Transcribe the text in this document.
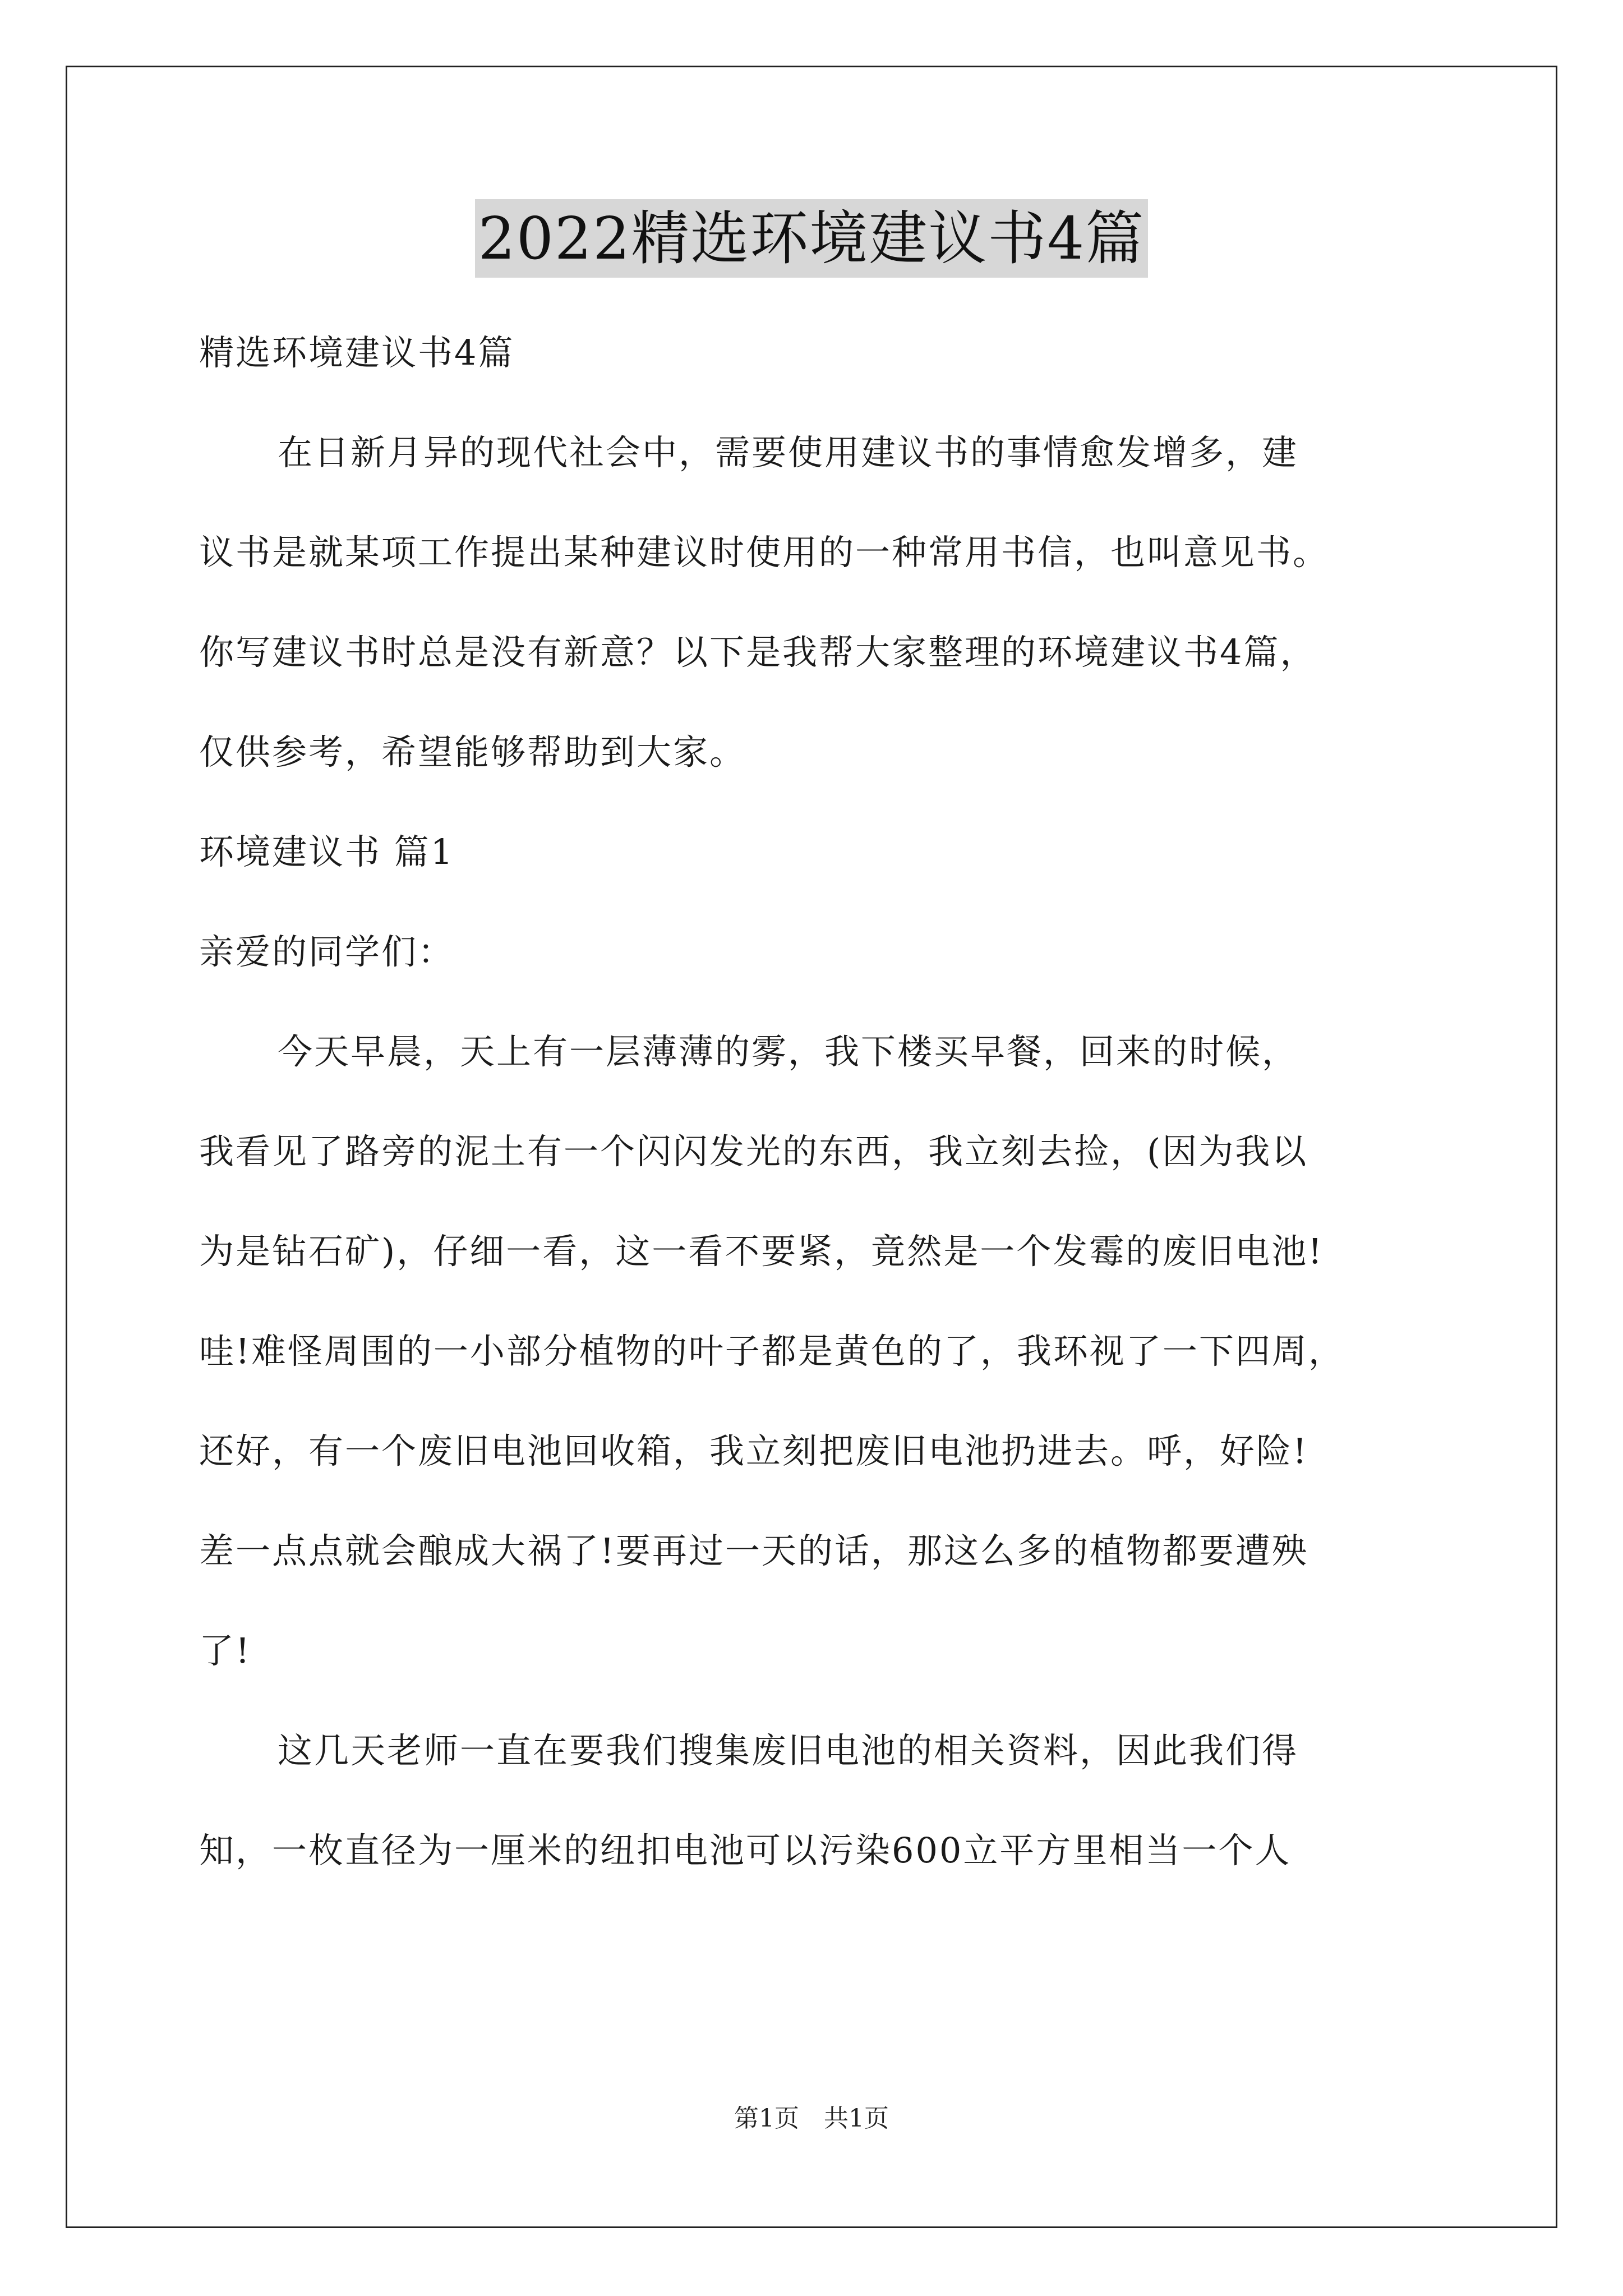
2022精选环境建议书4篇
精选环境建议书4篇
在日新月异的现代社会中，需要使用建议书的事情愈发增多，建
议书是就某项工作提出某种建议时使用的一种常用书信，也叫意见书。
你写建议书时总是没有新意？以下是我帮大家整理的环境建议书4篇，
仅供参考，希望能够帮助到大家。
环境建议书 篇1
亲爱的同学们：
今天早晨，天上有一层薄薄的雾，我下楼买早餐，回来的时候，
我看见了路旁的泥土有一个闪闪发光的东西，我立刻去捡，(因为我以
为是钻石矿)，仔细一看，这一看不要紧，竟然是一个发霉的废旧电池!
哇!难怪周围的一小部分植物的叶子都是黄色的了，我环视了一下四周，
还好，有一个废旧电池回收箱，我立刻把废旧电池扔进去。呼，好险!
差一点点就会酿成大祸了!要再过一天的话，那这么多的植物都要遭殃
了!
这几天老师一直在要我们搜集废旧电池的相关资料，因此我们得
知，一枚直径为一厘米的纽扣电池可以污染600立平方里相当一个人
第1页　共1页
